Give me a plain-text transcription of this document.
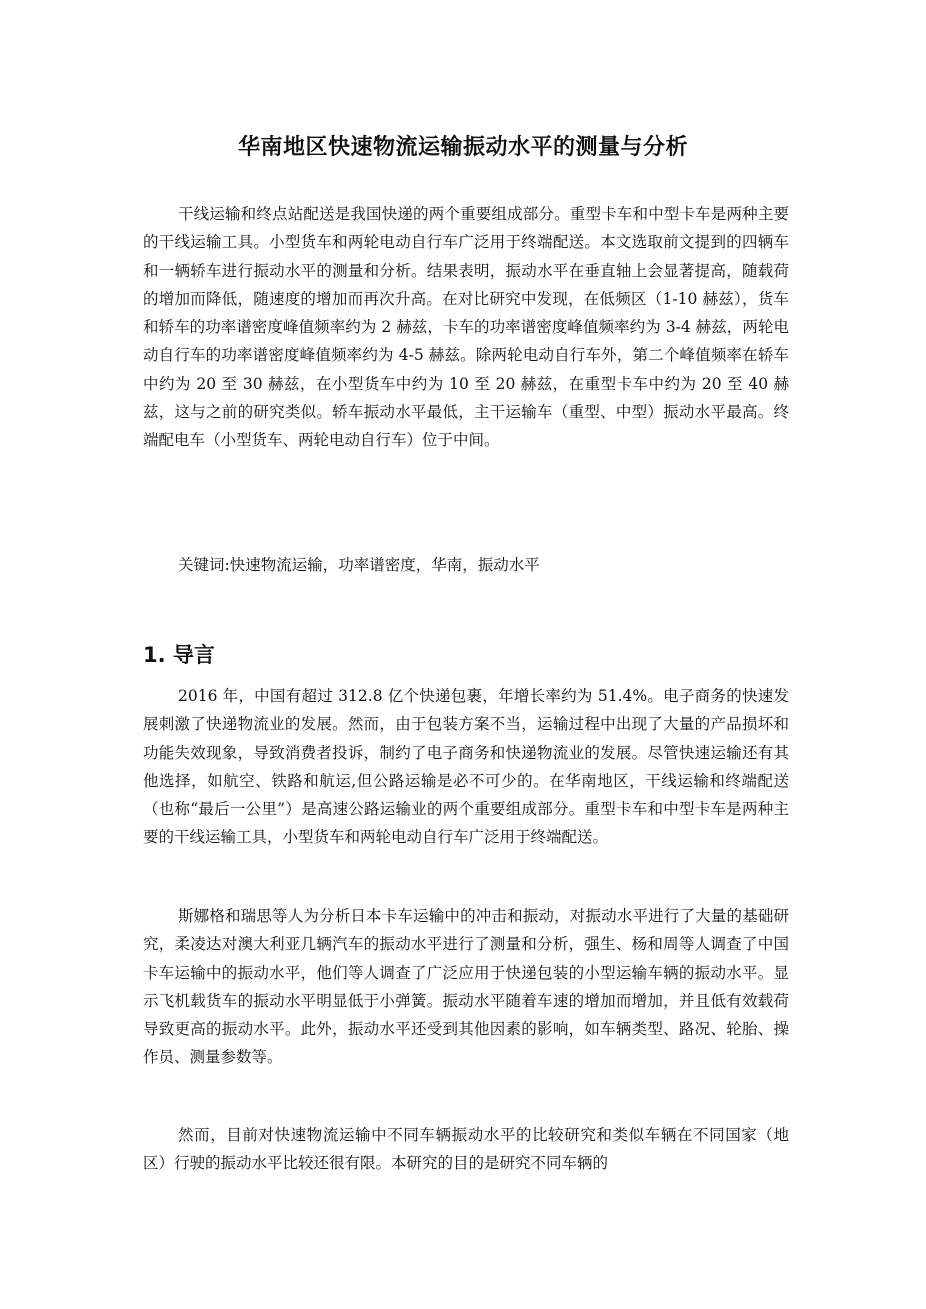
华南地区快速物流运输振动水平的测量与分析

干线运输和终点站配送是我国快递的两个重要组成部分。重型卡车和中型卡车是两种主要的干线运输工具。小型货车和两轮电动自行车广泛用于终端配送。本文选取前文提到的四辆车和一辆轿车进行振动水平的测量和分析。结果表明，振动水平在垂直轴上会显著提高，随载荷的增加而降低，随速度的增加而再次升高。在对比研究中发现，在低频区（1-10 赫兹），货车和轿车的功率谱密度峰值频率约为 2 赫兹，卡车的功率谱密度峰值频率约为 3-4 赫兹，两轮电动自行车的功率谱密度峰值频率约为 4-5 赫兹。除两轮电动自行车外，第二个峰值频率在轿车中约为 20 至 30 赫兹，在小型货车中约为 10 至 20 赫兹，在重型卡车中约为 20 至 40 赫兹，这与之前的研究类似。轿车振动水平最低，主干运输车（重型、中型）振动水平最高。终端配电车（小型货车、两轮电动自行车）位于中间。

关键词:快速物流运输，功率谱密度，华南，振动水平

1. 导言

2016 年，中国有超过 312.8 亿个快递包裹，年增长率约为 51.4%。电子商务的快速发展刺激了快递物流业的发展。然而，由于包装方案不当，运输过程中出现了大量的产品损坏和功能失效现象，导致消费者投诉，制约了电子商务和快递物流业的发展。尽管快速运输还有其他选择，如航空、铁路和航运,但公路运输是必不可少的。在华南地区，干线运输和终端配送（也称“最后一公里”）是高速公路运输业的两个重要组成部分。重型卡车和中型卡车是两种主要的干线运输工具，小型货车和两轮电动自行车广泛用于终端配送。

斯娜格和瑞思等人为分析日本卡车运输中的冲击和振动，对振动水平进行了大量的基础研究，柔凌达对澳大利亚几辆汽车的振动水平进行了测量和分析，强生、杨和周等人调查了中国卡车运输中的振动水平，他们等人调查了广泛应用于快递包装的小型运输车辆的振动水平。显示飞机载货车的振动水平明显低于小弹簧。振动水平随着车速的增加而增加，并且低有效载荷导致更高的振动水平。此外，振动水平还受到其他因素的影响，如车辆类型、路况、轮胎、操作员、测量参数等。

然而，目前对快速物流运输中不同车辆振动水平的比较研究和类似车辆在不同国家（地区）行驶的振动水平比较还很有限。本研究的目的是研究不同车辆的
